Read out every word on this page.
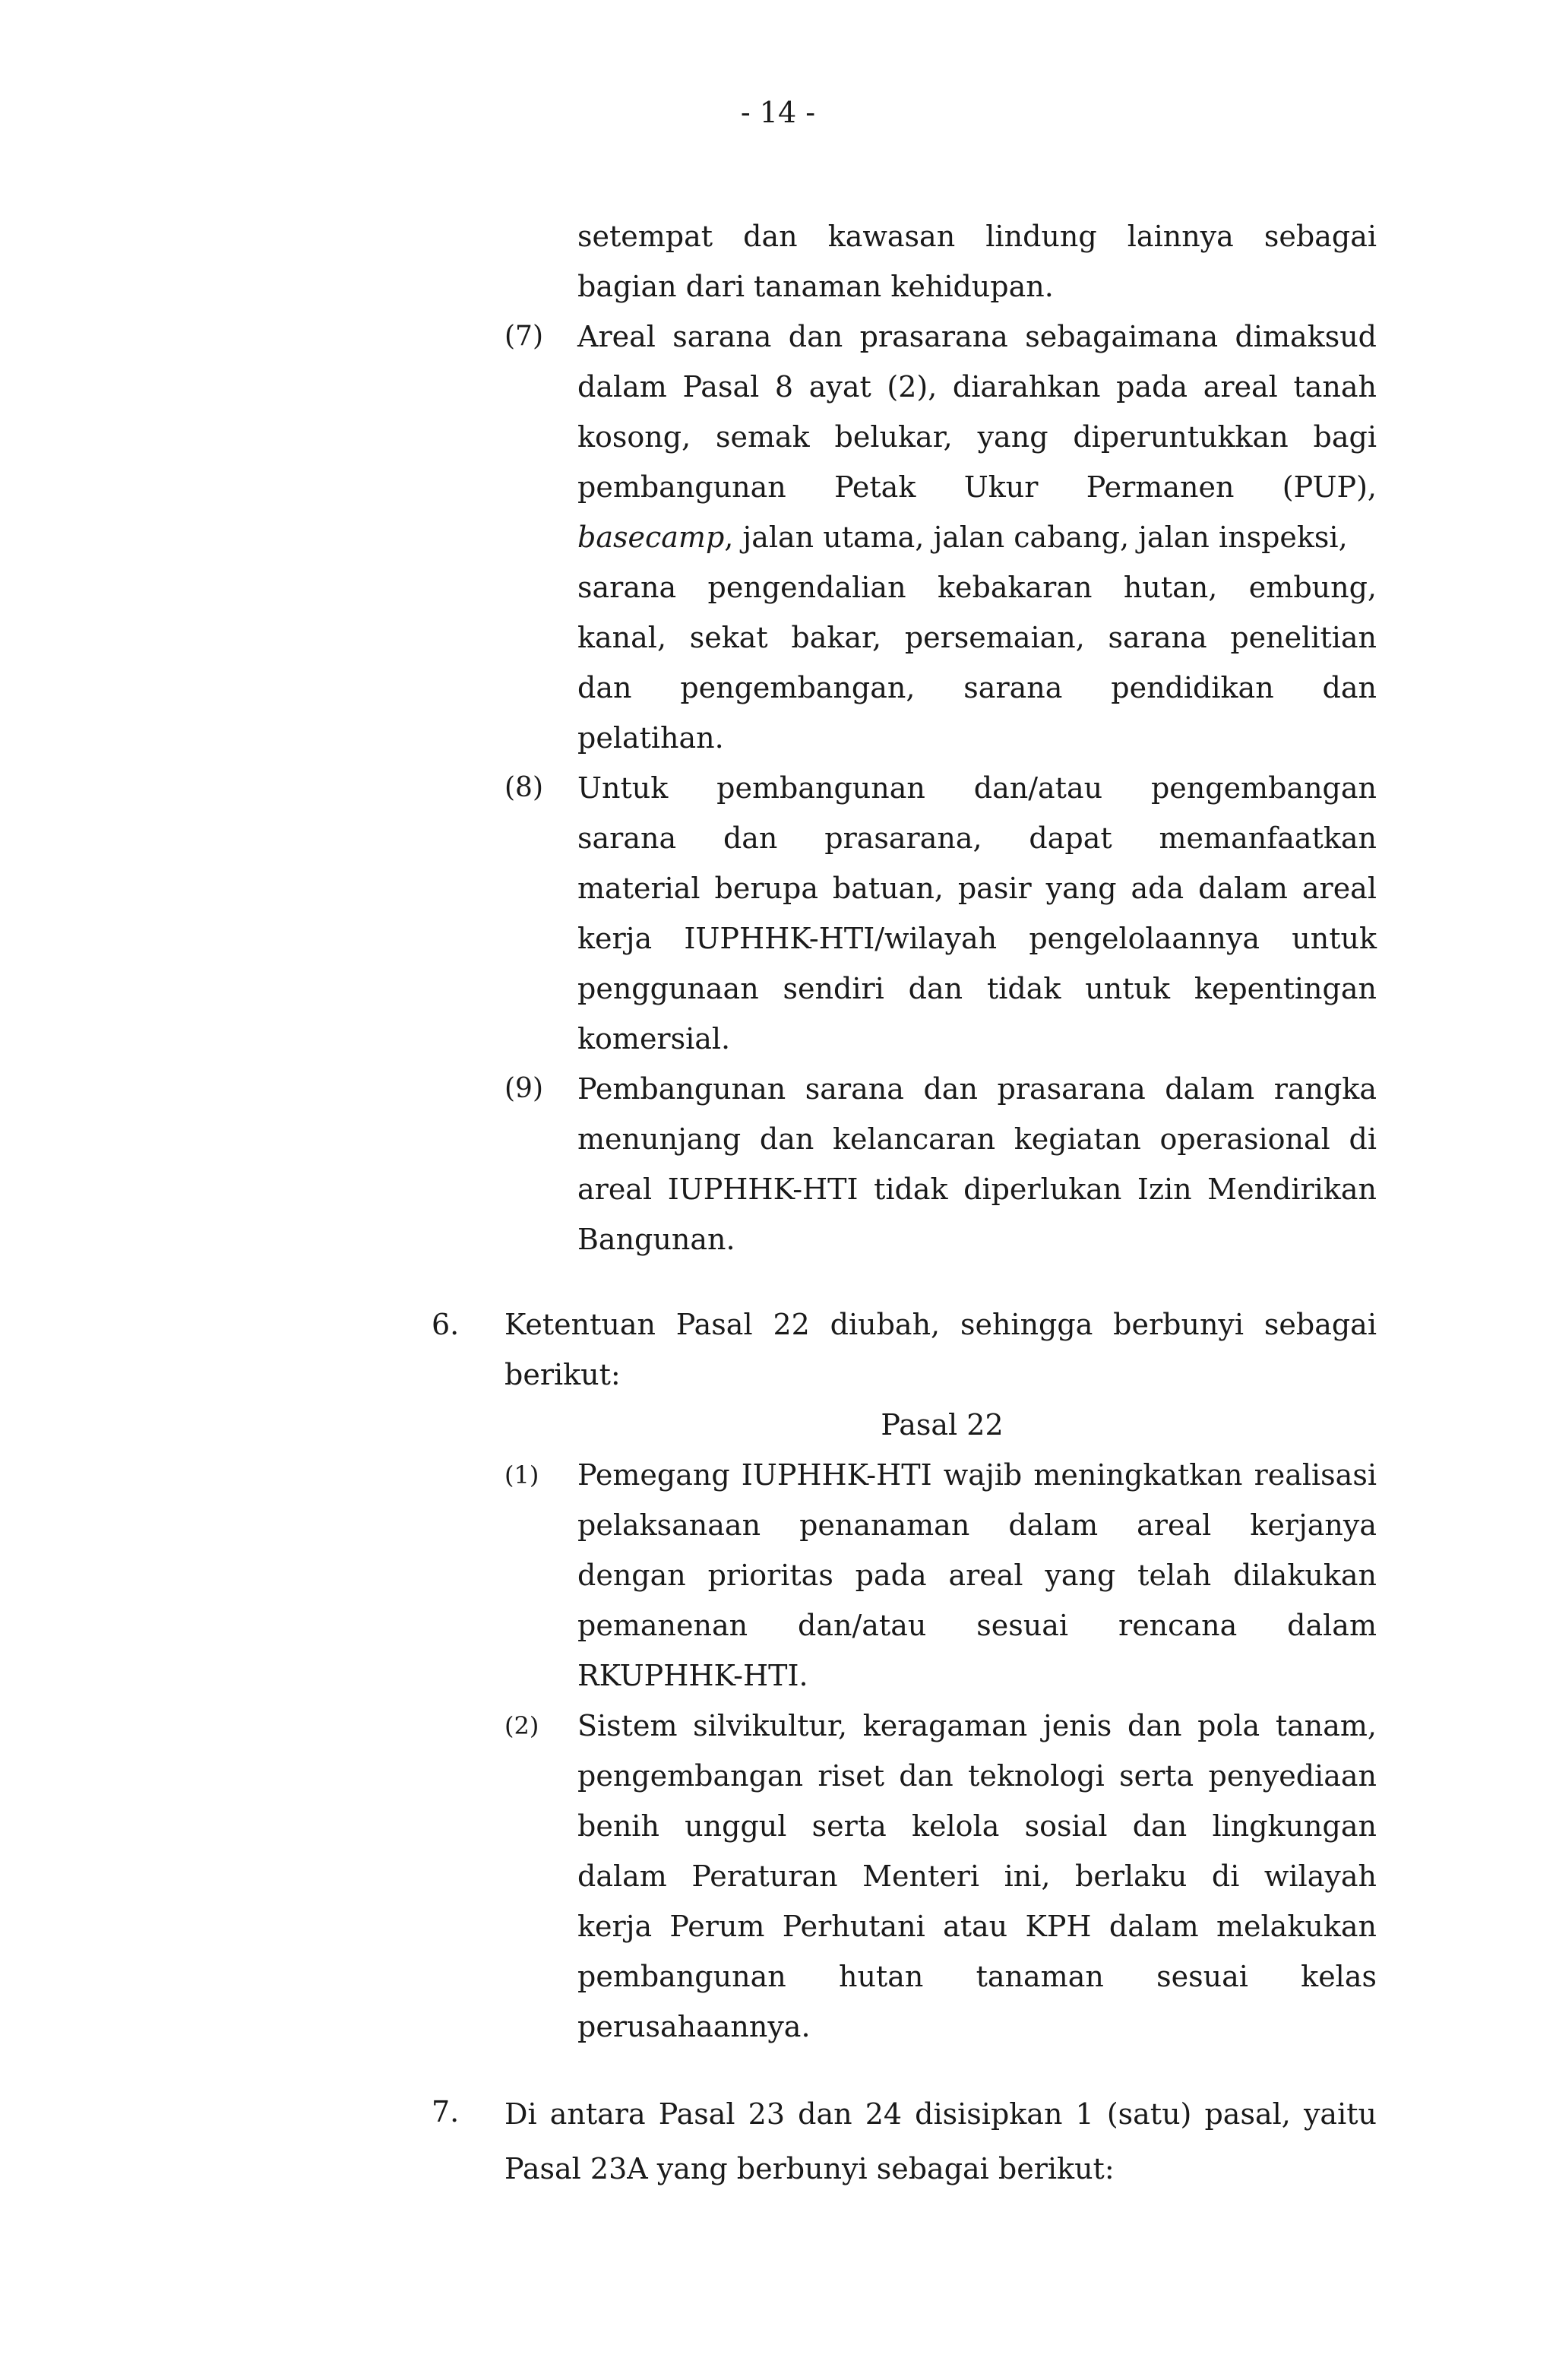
- 14 -
setempat dan kawasan lindung lainnya sebagai
bagian dari tanaman kehidupan.
(7) Areal sarana dan prasarana sebagaimana dimaksud
dalam Pasal 8 ayat (2), diarahkan pada areal tanah
kosong, semak belukar, yang diperuntukkan bagi
pembangunan Petak Ukur Permanen (PUP),
basecamp, jalan utama, jalan cabang, jalan inspeksi,
sarana pengendalian kebakaran hutan, embung,
kanal, sekat bakar, persemaian, sarana penelitian
dan pengembangan, sarana pendidikan dan
pelatihan.
(8) Untuk pembangunan dan/atau pengembangan
sarana dan prasarana, dapat memanfaatkan
material berupa batuan, pasir yang ada dalam areal
kerja IUPHHK-HTI/wilayah pengelolaannya untuk
penggunaan sendiri dan tidak untuk kepentingan
komersial.
(9) Pembangunan sarana dan prasarana dalam rangka
menunjang dan kelancaran kegiatan operasional di
areal IUPHHK-HTI tidak diperlukan Izin Mendirikan
Bangunan.
6. Ketentuan Pasal 22 diubah, sehingga berbunyi sebagai
berikut:
Pasal 22
(1) Pemegang IUPHHK-HTI wajib meningkatkan realisasi
pelaksanaan penanaman dalam areal kerjanya
dengan prioritas pada areal yang telah dilakukan
pemanenan dan/atau sesuai rencana dalam
RKUPHHK-HTI.
(2) Sistem silvikultur, keragaman jenis dan pola tanam,
pengembangan riset dan teknologi serta penyediaan
benih unggul serta kelola sosial dan lingkungan
dalam Peraturan Menteri ini, berlaku di wilayah
kerja Perum Perhutani atau KPH dalam melakukan
pembangunan hutan tanaman sesuai kelas
perusahaannya.
7. Di antara Pasal 23 dan 24 disisipkan 1 (satu) pasal, yaitu
Pasal 23A yang berbunyi sebagai berikut:
